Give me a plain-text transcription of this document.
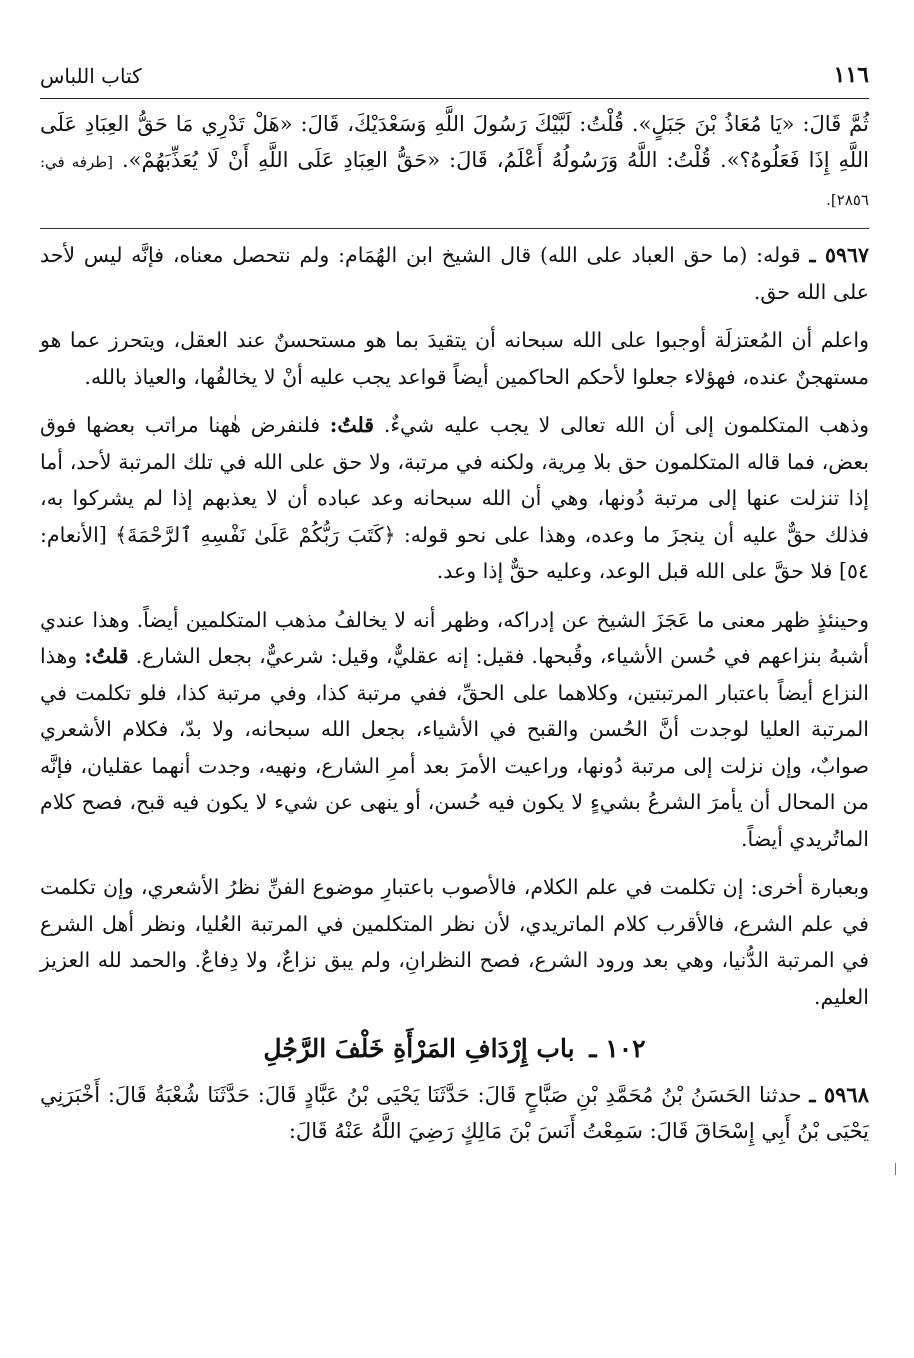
١١٦
كتاب اللباس

ثُمَّ قَالَ: «يَا مُعَاذُ بْنَ جَبَلٍ». قُلْتُ: لَبَّيْكَ رَسُولَ اللَّهِ وَسَعْدَيْكَ، قَالَ: «هَلْ تَدْرِي مَا حَقُّ العِبَادِ عَلَى اللَّهِ إِذَا فَعَلُوهُ؟». قُلْتُ: اللَّهُ وَرَسُولُهُ أَعْلَمُ، قَالَ: «حَقُّ العِبَادِ عَلَى اللَّهِ أَنْ لَا يُعَذِّبَهُمْ». [طرفه في: ٢٨٥٦].

٥٩٦٧ ـ قوله: (ما حق العباد على الله) قال الشيخ ابن الهُمَام: ولم نتحصل معناه، فإنَّه ليس لأحد على الله حق.

واعلم أن المُعتزلَة أوجبوا على الله سبحانه أن يتقيدَ بما هو مستحسنٌ عند العقل، ويتحرز عما هو مستهجنٌ عنده، فهؤلاء جعلوا لأحكم الحاكمين أيضاً قواعد يجب عليه أنْ لا يخالفُها، والعياذ بالله.

وذهب المتكلمون إلى أن الله تعالى لا يجب عليه شيءٌ. قلتُ: فلنفرض هٰهنا مراتب بعضها فوق بعض، فما قاله المتكلمون حق بلا مِرية، ولكنه في مرتبة، ولا حق على الله في تلك المرتبة لأحد، أما إذا تنزلت عنها إلى مرتبة دُونها، وهي أن الله سبحانه وعد عباده أن لا يعذبهم إذا لم يشركوا به، فذلك حقٌّ عليه أن ينجزَ ما وعده، وهذا على نحو قوله: ﴿كَتَبَ رَبُّكُمْ عَلَىٰ نَفْسِهِ ٱلرَّحْمَةَ﴾ [الأنعام: ٥٤] فلا حقَّ على الله قبل الوعد، وعليه حقٌّ إذا وعد.

وحينئذٍ ظهر معنى ما عَجَزَ الشيخ عن إدراكه، وظهر أنه لا يخالفُ مذهب المتكلمين أيضاً. وهذا عندي أشبهُ بنزاعهم في حُسن الأشياء، وقُبحها. فقيل: إنه عقليٌّ، وقيل: شرعيٌّ، بجعل الشارع. قلتُ: وهذا النزاع أيضاً باعتبار المرتبتين، وكلاهما على الحقِّ، ففي مرتبة كذا، وفي مرتبة كذا، فلو تكلمت في المرتبة العليا لوجدت أنَّ الحُسن والقبح في الأشياء، بجعل الله سبحانه، ولا بدّ، فكلام الأشعري صوابٌ، وإن نزلت إلى مرتبة دُونها، وراعيت الأمرَ بعد أمرِ الشارع، ونهيه، وجدت أنهما عقليان، فإنَّه من المحال أن يأمرَ الشرعُ بشيءٍ لا يكون فيه حُسن، أو ينهى عن شيء لا يكون فيه قبح، فصح كلام الماتُريدي أيضاً.

وبعبارة أخرى: إن تكلمت في علم الكلام، فالأصوب باعتبارِ موضوع الفنِّ نظرُ الأشعري، وإن تكلمت في علم الشرع، فالأقرب كلام الماتريدي، لأن نظر المتكلمين في المرتبة العُليا، ونظر أهل الشرع في المرتبة الدُّنيا، وهي بعد ورود الشرع، فصح النظرانِ، ولم يبق نزاعٌ، ولا دِفاعٌ. والحمد لله العزيز العليم.

١٠٢ ـ باب إِرْدَافِ المَرْأَةِ خَلْفَ الرَّجُلِ

٥٩٦٨ ـ حدثنا الحَسَنُ بْنُ مُحَمَّدِ بْنِ صَبَّاحٍ قَالَ: حَدَّثَنَا يَحْيَى بْنُ عَبَّادٍ قَالَ: حَدَّثَنَا شُعْبَةُ قَالَ: أَخْبَرَنِي يَحْيَى بْنُ أَبِي إِسْحَاقَ قَالَ: سَمِعْتُ أَنَسَ بْنَ مَالِكٍ رَضِيَ اللَّهُ عَنْهُ قَالَ:
